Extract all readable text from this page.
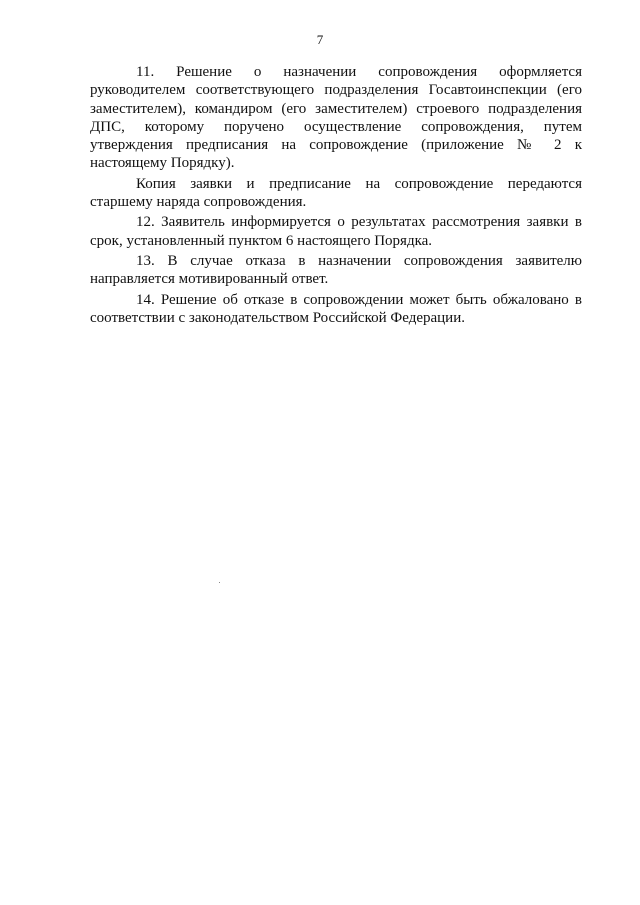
7

11. Решение о назначении сопровождения оформляется руководителем соответствующего подразделения Госавтоинспекции (его заместителем), командиром (его заместителем) строевого подразделения ДПС, которому поручено осуществление сопровождения, путем утверждения предписания на сопровождение (приложение № 2 к настоящему Порядку).

Копия заявки и предписание на сопровождение передаются старшему наряда сопровождения.

12. Заявитель информируется о результатах рассмотрения заявки в срок, установленный пунктом 6 настоящего Порядка.

13. В случае отказа в назначении сопровождения заявителю направляется мотивированный ответ.

14. Решение об отказе в сопровождении может быть обжаловано в соответствии с законодательством Российской Федерации.
